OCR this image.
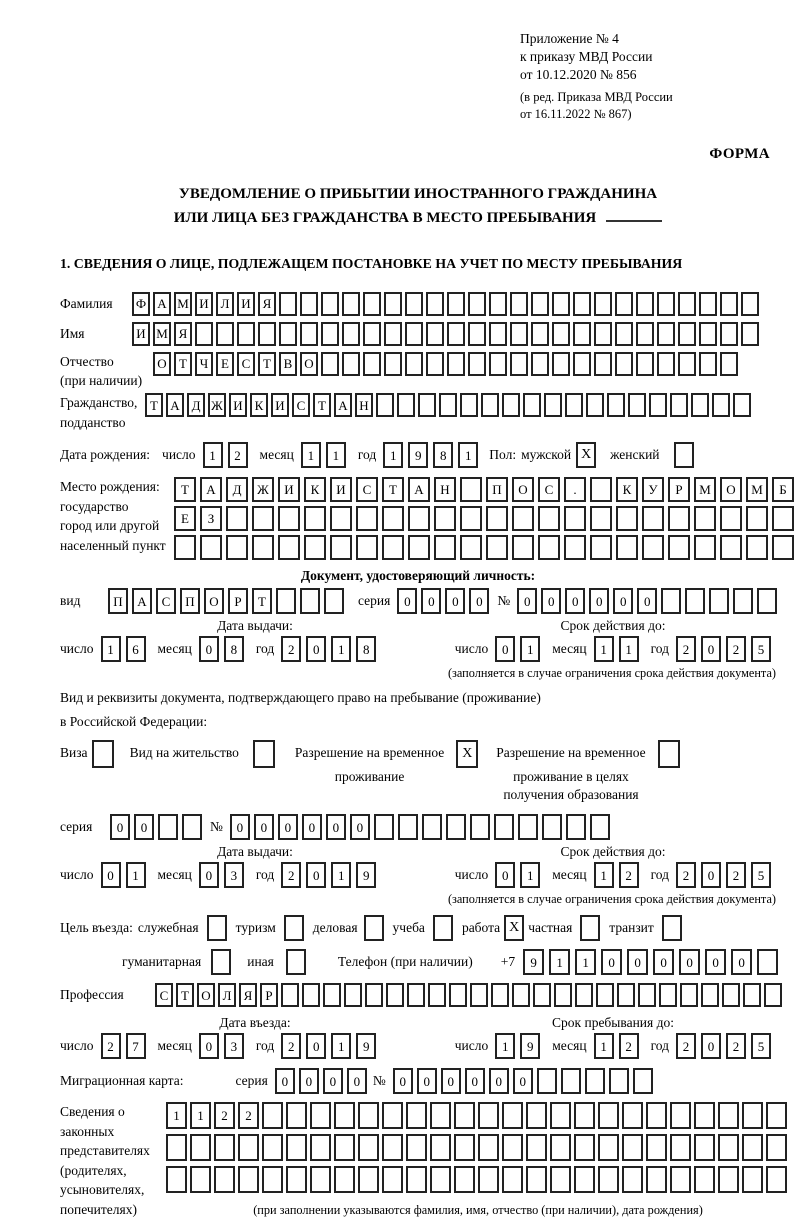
Приложение № 4
к приказу МВД России
от 10.12.2020 № 856
(в ред. Приказа МВД России
от 16.11.2022 № 867)
ФОРМА
УВЕДОМЛЕНИЕ О ПРИБЫТИИ ИНОСТРАННОГО ГРАЖДАНИНА
ИЛИ ЛИЦА БЕЗ ГРАЖДАНСТВА В МЕСТО ПРЕБЫВАНИЯ
1. СВЕДЕНИЯ О ЛИЦЕ, ПОДЛЕЖАЩЕМ ПОСТАНОВКЕ НА УЧЕТ ПО МЕСТУ ПРЕБЫВАНИЯ
Фамилия	Ф А М И Л И Я
Имя	И М Я
Отчество
(при наличии)
О Т Ч Е С Т В О
Гражданство,
подданство
Т А Д Ж И К И С Т А Н
Дата рождения: число	1	2	месяц	1	1	год	1	9	8	1	Пол: мужской X	женский
Место рождения:
государство
город или другой
населенный пункт
Т	А	Д	Ж	И	К	И	С	Т	А	Н	П	О	С	.	К	У	Р	М	О	М	Б
Е	З
Документ, удостоверяющий личность:
вид	П	А	С	П	О	Р	Т	серия	0	0	0	0	№	0	0	0	0	0	0
Дата выдачи:	Срок действия до:
число	1	6	месяц	0	8	год	2	0	1	8	число	0	1	месяц	1	1	год	2	0	2	5
(заполняется в случае ограничения срока действия документа)
Вид и реквизиты документа, подтверждающего право на пребывание (проживание)
в Российской Федерации:
Виза	Вид на жительство	Разрешение на временное	X
проживание
Разрешение на временное
проживание в целях
получения образования
серия	0	0	№	0	0	0	0	0	0
Дата выдачи:	Срок действия до:
число	0	1	месяц	0	3	год	2	0	1	9	число	0	1	месяц	1	2	год	2	0	2	5
(заполняется в случае ограничения срока действия документа)
Цель въезда: служебная	туризм	деловая	учеба	работа X частная	транзит
гуманитарная	иная	Телефон (при наличии) +7	9	1	1	0	0	0	0	0	0
Профессия	С Т О Л Я	Р
Дата въезда:	Срок пребывания до:
число	2	7	месяц	0	3	год	2	0	1	9	число	1	9	месяц	1	2	год	2	0	2	5
Миграционная карта:	серия	0	0	0	0 №	0	0	0	0	0	0
Сведения о
законных
представителях
(родителях,
усыновителях,
попечителях)
1	1	2	2
(при заполнении указываются фамилия, имя, отчество (при наличии), дата рождения)
